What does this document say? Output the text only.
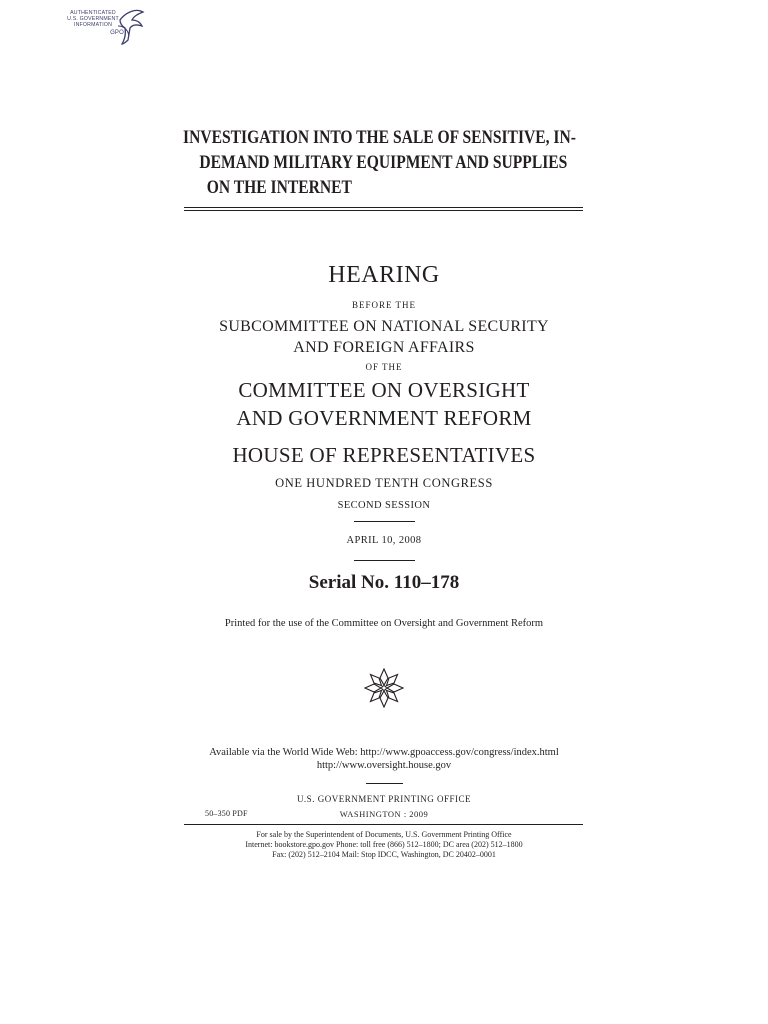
AUTHENTICATED
U.S. GOVERNMENT
INFORMATION
GPO
INVESTIGATION INTO THE SALE OF SENSITIVE, IN-
DEMAND MILITARY EQUIPMENT AND SUPPLIES
ON THE INTERNET
HEARING
BEFORE THE
SUBCOMMITTEE ON NATIONAL SECURITY
AND FOREIGN AFFAIRS
OF THE
COMMITTEE ON OVERSIGHT
AND GOVERNMENT REFORM
HOUSE OF REPRESENTATIVES
ONE HUNDRED TENTH CONGRESS
SECOND SESSION
APRIL 10, 2008
Serial No. 110–178
Printed for the use of the Committee on Oversight and Government Reform
Available via the World Wide Web: http://www.gpoaccess.gov/congress/index.html
http://www.oversight.house.gov
U.S. GOVERNMENT PRINTING OFFICE
50–350 PDF	WASHINGTON : 2009
For sale by the Superintendent of Documents, U.S. Government Printing Office
Internet: bookstore.gpo.gov Phone: toll free (866) 512–1800; DC area (202) 512–1800
Fax: (202) 512–2104 Mail: Stop IDCC, Washington, DC 20402–0001
